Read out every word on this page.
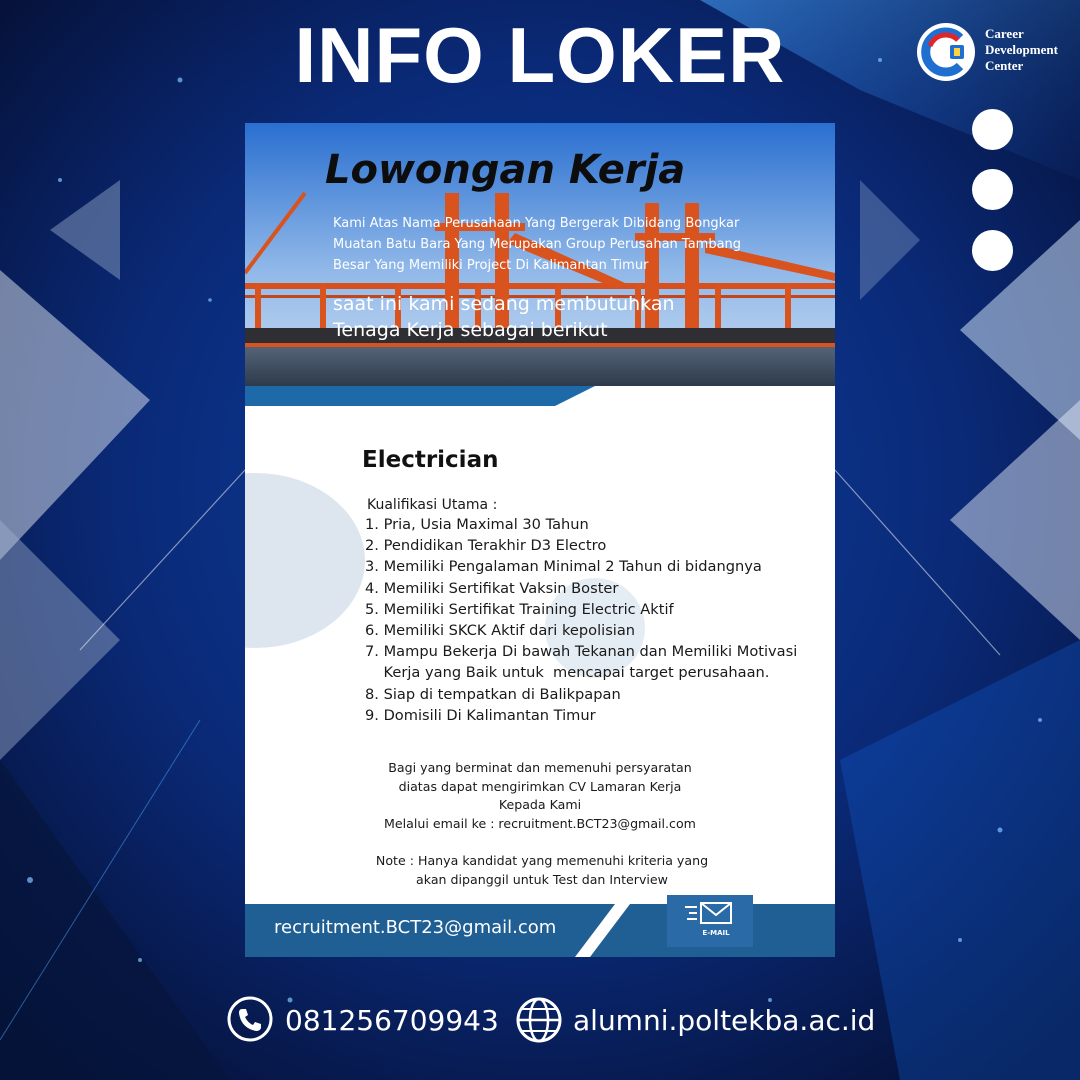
INFO LOKER	Career
Development
Center
Lowongan Kerja
Kami Atas Nama Perusahaan Yang Bergerak Dibidang Bongkar
Muatan Batu Bara Yang Merupakan Group Perusahan Tambang
Besar Yang Memiliki Project Di Kalimantan Timur
saat ini kami sedang membutuhkan
Tenaga Kerja sebagai berikut
Electrician
Kualifikasi Utama :
1. Pria, Usia Maximal 30 Tahun
2. Pendidikan Terakhir D3 Electro
3. Memiliki Pengalaman Minimal 2 Tahun di bidangnya
4. Memiliki Sertifikat Vaksin Boster
5. Memiliki Sertifikat Training Electric Aktif
6. Memiliki SKCK Aktif dari kepolisian
7. Mampu Bekerja Di bawah Tekanan dan Memiliki Motivasi
Kerja yang Baik untuk  mencapai target perusahaan.
8. Siap di tempatkan di Balikpapan
9. Domisili Di Kalimantan Timur
Bagi yang berminat dan memenuhi persyaratan
diatas dapat mengirimkan CV Lamaran Kerja
Kepada Kami
Melalui email ke : recruitment.BCT23@gmail.com
Note : Hanya kandidat yang memenuhi kriteria yang
akan dipanggil untuk Test dan Interview
recruitment.BCT23@gmail.com	E-MAIL
081256709943	alumni.poltekba.ac.id
